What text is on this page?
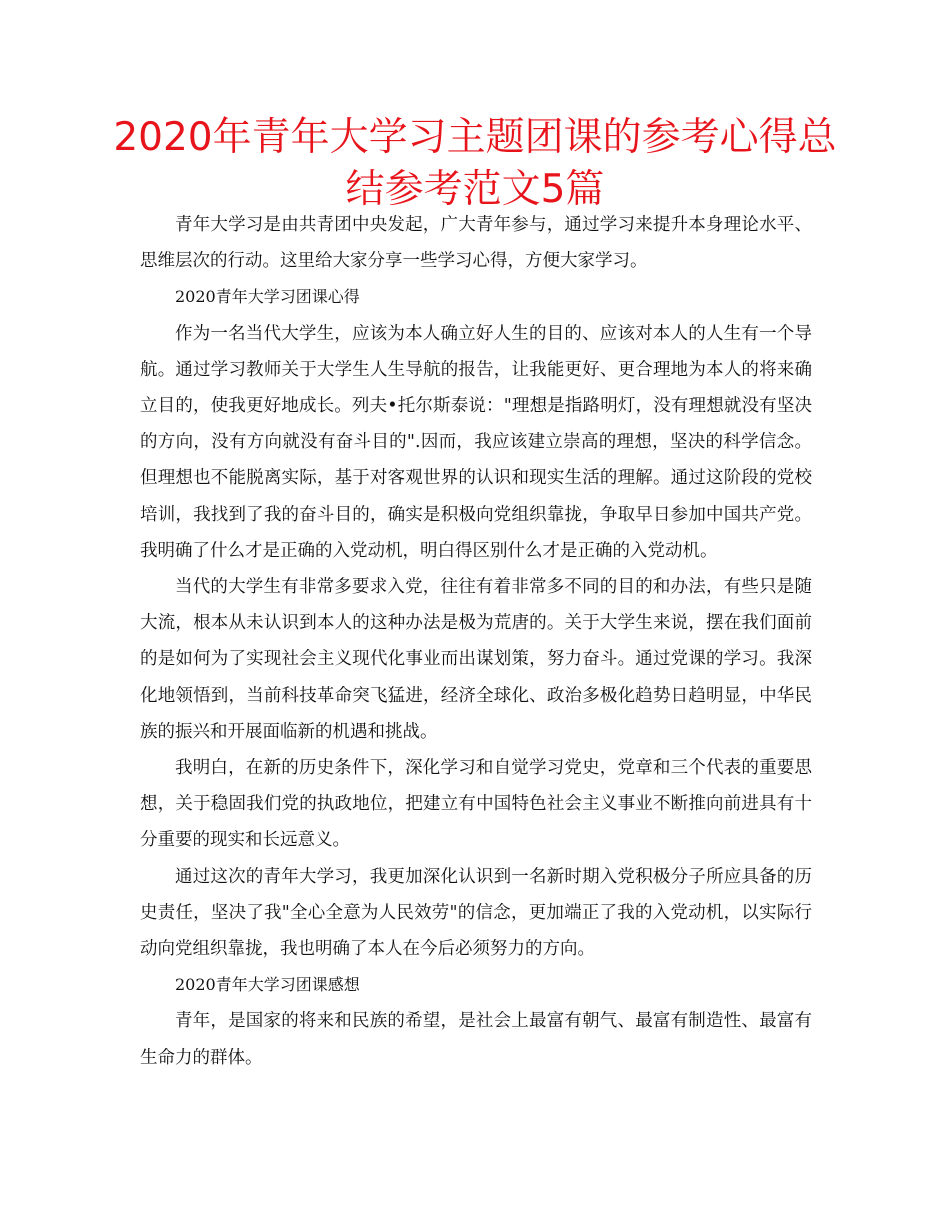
2020年青年大学习主题团课的参考心得总结参考范文5篇

青年大学习是由共青团中央发起，广大青年参与，通过学习来提升本身理论水平、思维层次的行动。这里给大家分享一些学习心得，方便大家学习。

2020青年大学习团课心得

作为一名当代大学生，应该为本人确立好人生的目的、应该对本人的人生有一个导航。通过学习教师关于大学生人生导航的报告，让我能更好、更合理地为本人的将来确立目的，使我更好地成长。列夫•托尔斯泰说："理想是指路明灯，没有理想就没有坚决的方向，没有方向就没有奋斗目的".因而，我应该建立崇高的理想，坚决的科学信念。但理想也不能脱离实际，基于对客观世界的认识和现实生活的理解。通过这阶段的党校培训，我找到了我的奋斗目的，确实是积极向党组织靠拢，争取早日参加中国共产党。我明确了什么才是正确的入党动机，明白得区别什么才是正确的入党动机。

当代的大学生有非常多要求入党，往往有着非常多不同的目的和办法，有些只是随大流，根本从未认识到本人的这种办法是极为荒唐的。关于大学生来说，摆在我们面前的是如何为了实现社会主义现代化事业而出谋划策，努力奋斗。通过党课的学习。我深化地领悟到，当前科技革命突飞猛进，经济全球化、政治多极化趋势日趋明显，中华民族的振兴和开展面临新的机遇和挑战。

我明白，在新的历史条件下，深化学习和自觉学习党史，党章和三个代表的重要思想，关于稳固我们党的执政地位，把建立有中国特色社会主义事业不断推向前进具有十分重要的现实和长远意义。

通过这次的青年大学习，我更加深化认识到一名新时期入党积极分子所应具备的历史责任，坚决了我"全心全意为人民效劳"的信念，更加端正了我的入党动机，以实际行动向党组织靠拢，我也明确了本人在今后必须努力的方向。

2020青年大学习团课感想

青年，是国家的将来和民族的希望，是社会上最富有朝气、最富有制造性、最富有生命力的群体。
